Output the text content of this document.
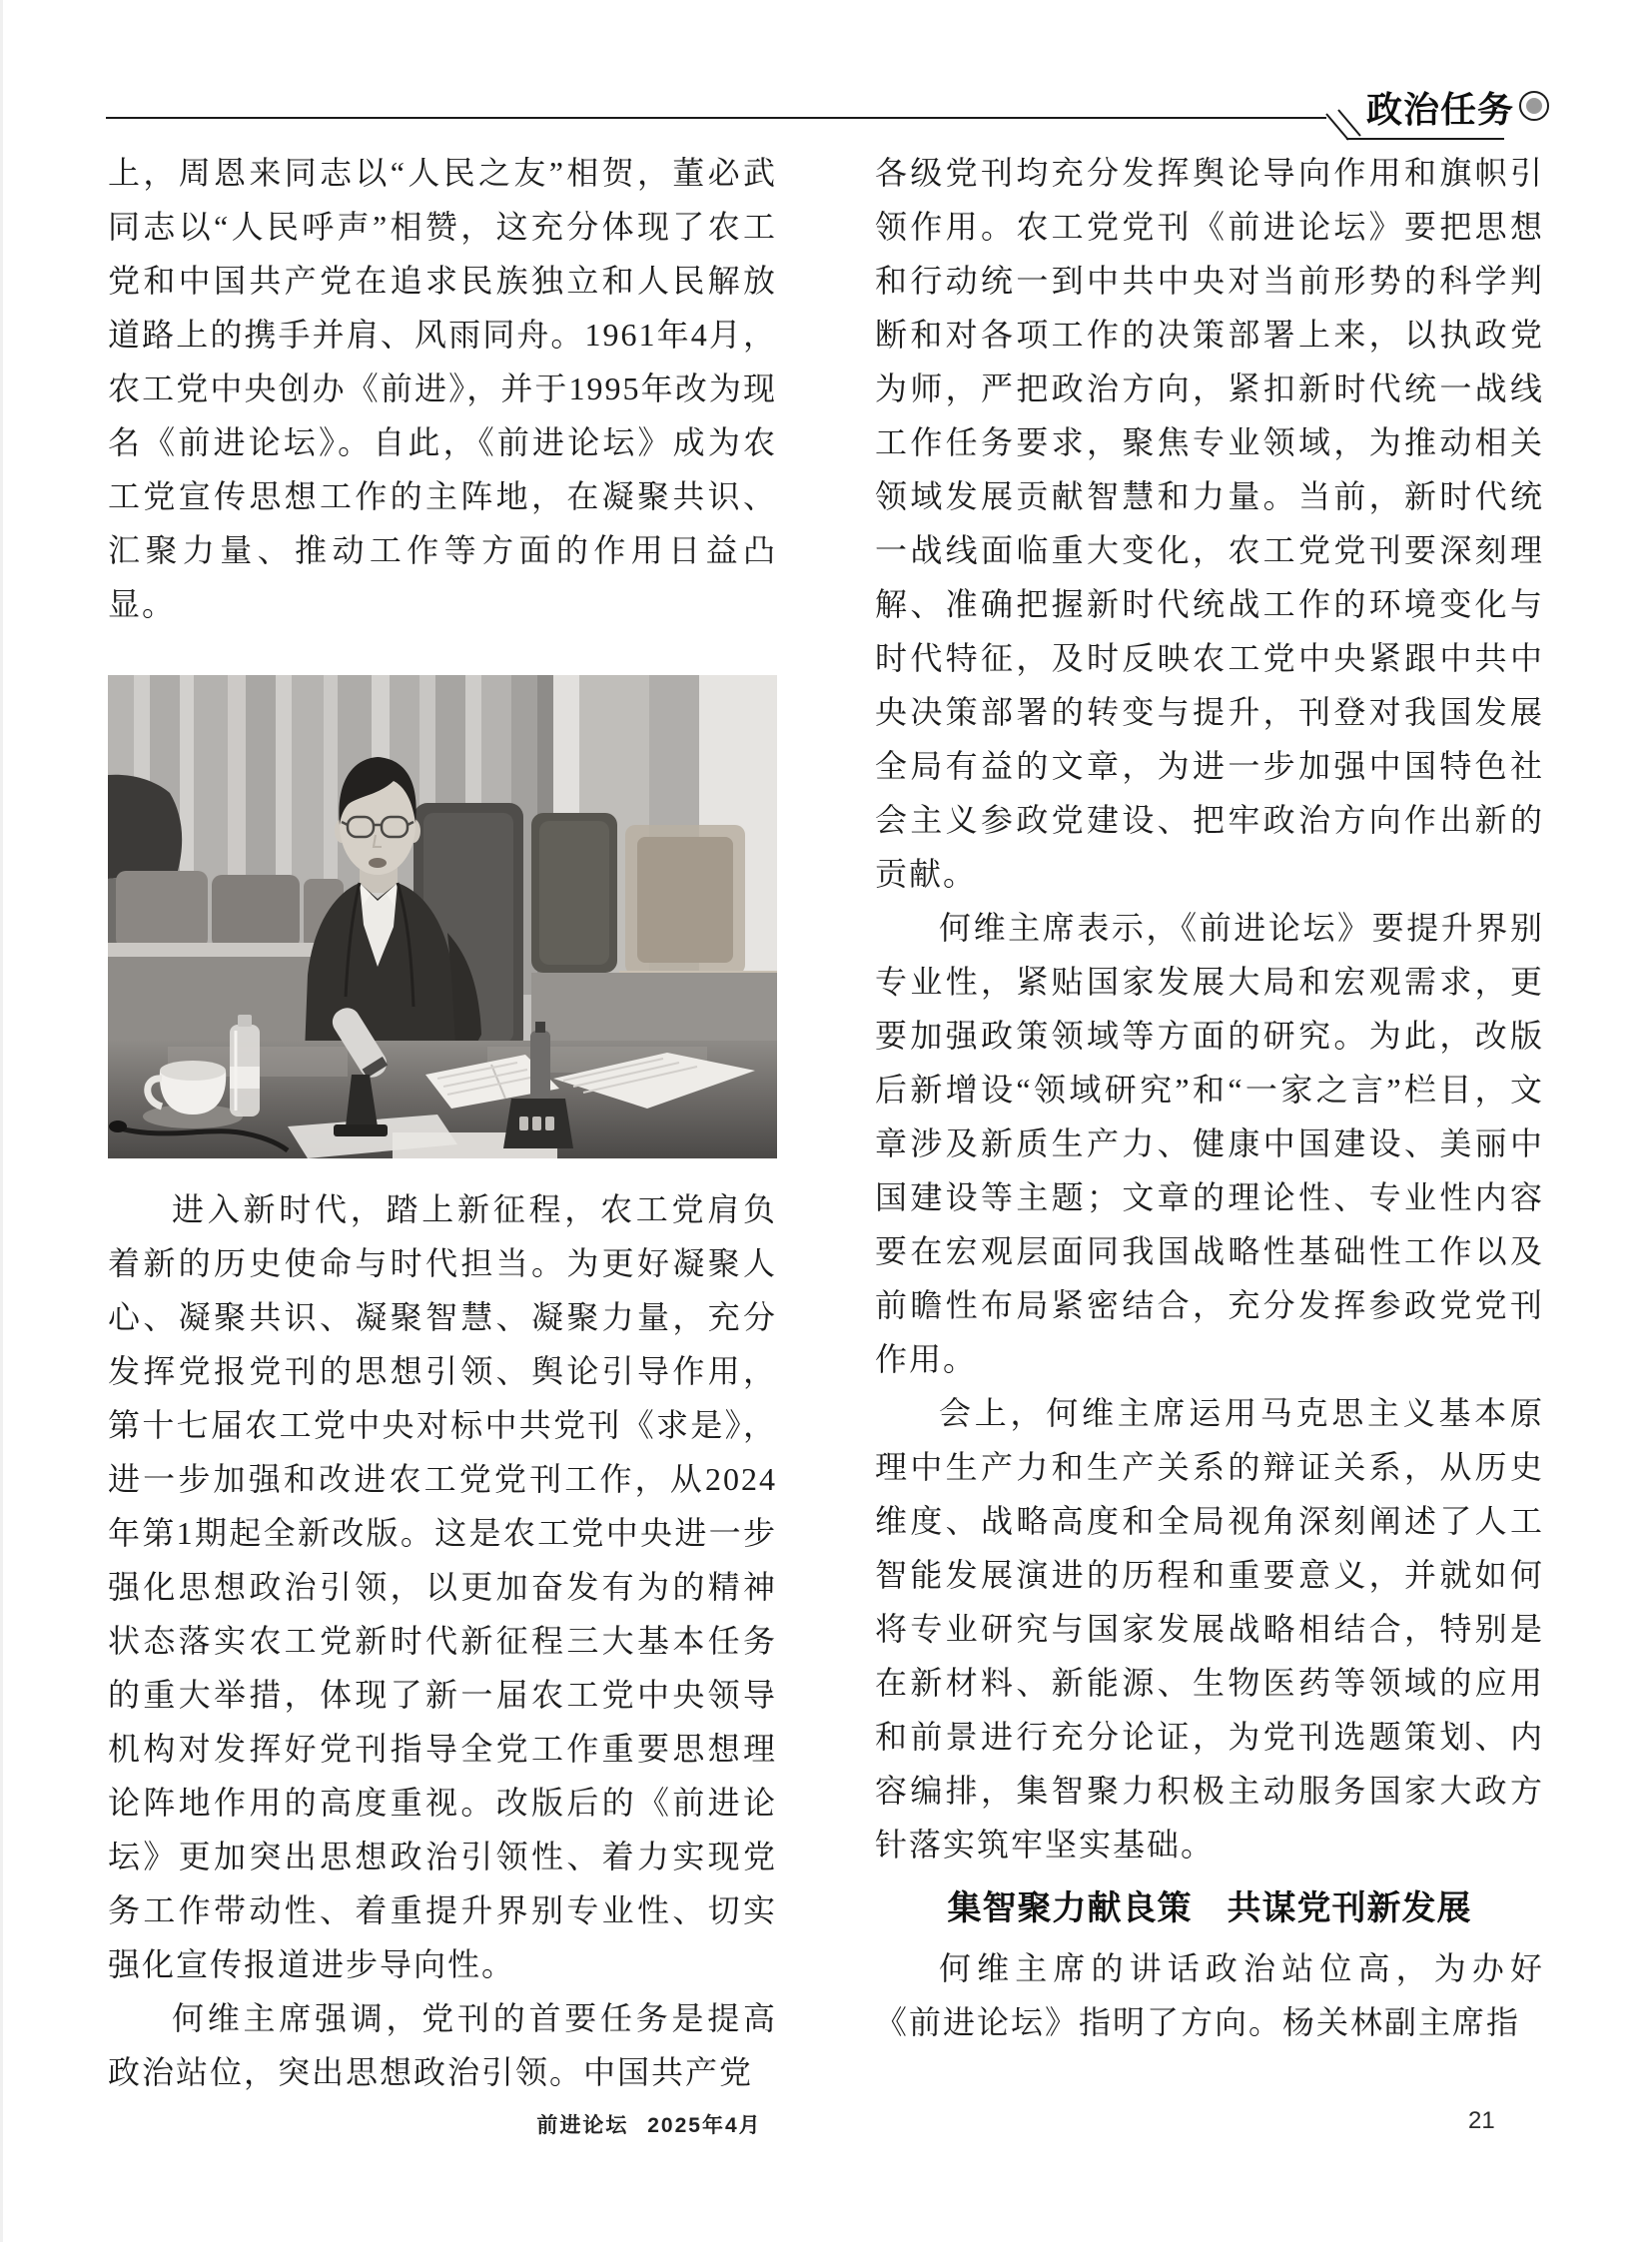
政治任务

上，周恩来同志以“人民之友”相贺，董必武同志以“人民呼声”相赞，这充分体现了农工党和中国共产党在追求民族独立和人民解放道路上的携手并肩、风雨同舟。1961年4月，农工党中央创办《前进》，并于1995年改为现名《前进论坛》。自此，《前进论坛》成为农工党宣传思想工作的主阵地，在凝聚共识、汇聚力量、推动工作等方面的作用日益凸显。

进入新时代，踏上新征程，农工党肩负着新的历史使命与时代担当。为更好凝聚人心、凝聚共识、凝聚智慧、凝聚力量，充分发挥党报党刊的思想引领、舆论引导作用，第十七届农工党中央对标中共党刊《求是》，进一步加强和改进农工党党刊工作，从2024年第1期起全新改版。这是农工党中央进一步强化思想政治引领，以更加奋发有为的精神状态落实农工党新时代新征程三大基本任务的重大举措，体现了新一届农工党中央领导机构对发挥好党刊指导全党工作重要思想理论阵地作用的高度重视。改版后的《前进论坛》更加突出思想政治引领性、着力实现党务工作带动性、着重提升界别专业性、切实强化宣传报道进步导向性。

何维主席强调，党刊的首要任务是提高政治站位，突出思想政治引领。中国共产党

各级党刊均充分发挥舆论导向作用和旗帜引领作用。农工党党刊《前进论坛》要把思想和行动统一到中共中央对当前形势的科学判断和对各项工作的决策部署上来，以执政党为师，严把政治方向，紧扣新时代统一战线工作任务要求，聚焦专业领域，为推动相关领域发展贡献智慧和力量。当前，新时代统一战线面临重大变化，农工党党刊要深刻理解、准确把握新时代统战工作的环境变化与时代特征，及时反映农工党中央紧跟中共中央决策部署的转变与提升，刊登对我国发展全局有益的文章，为进一步加强中国特色社会主义参政党建设、把牢政治方向作出新的贡献。

何维主席表示，《前进论坛》要提升界别专业性，紧贴国家发展大局和宏观需求，更要加强政策领域等方面的研究。为此，改版后新增设“领域研究”和“一家之言”栏目，文章涉及新质生产力、健康中国建设、美丽中国建设等主题；文章的理论性、专业性内容要在宏观层面同我国战略性基础性工作以及前瞻性布局紧密结合，充分发挥参政党党刊作用。

会上，何维主席运用马克思主义基本原理中生产力和生产关系的辩证关系，从历史维度、战略高度和全局视角深刻阐述了人工智能发展演进的历程和重要意义，并就如何将专业研究与国家发展战略相结合，特别是在新材料、新能源、生物医药等领域的应用和前景进行充分论证，为党刊选题策划、内容编排，集智聚力积极主动服务国家大政方针落实筑牢坚实基础。

集智聚力献良策　共谋党刊新发展

何维主席的讲话政治站位高，为办好《前进论坛》指明了方向。杨关林副主席指

前进论坛 2025年4月	21
